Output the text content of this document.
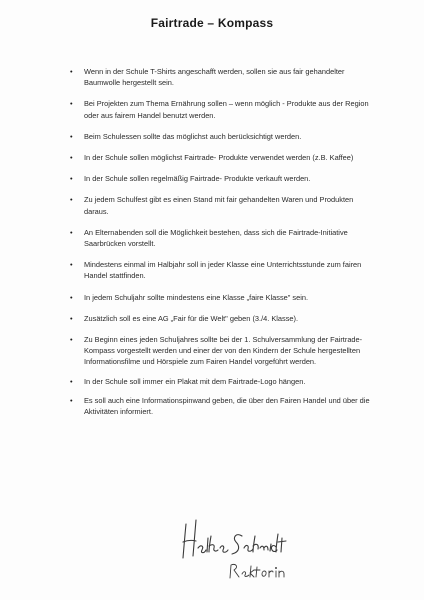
Fairtrade – Kompass
• Wenn in der Schule T-Shirts angeschafft werden, sollen sie aus fair gehandelter Baumwolle hergestellt sein.
• Bei Projekten zum Thema Ernährung sollen – wenn möglich - Produkte aus der Region oder aus fairem Handel benutzt werden.
• Beim Schulessen sollte das möglichst auch berücksichtigt werden.
• In der Schule sollen möglichst Fairtrade- Produkte verwendet werden (z.B. Kaffee)
• In der Schule sollen regelmäßig Fairtrade- Produkte verkauft werden.
• Zu jedem Schulfest gibt es einen Stand mit fair gehandelten Waren und Produkten daraus.
• An Elternabenden soll die Möglichkeit bestehen, dass sich die Fairtrade-Initiative Saarbrücken vorstellt.
• Mindestens einmal im Halbjahr soll in jeder Klasse eine Unterrichtsstunde zum fairen Handel stattfinden.
• In jedem Schuljahr sollte mindestens eine Klasse „faire Klasse" sein.
• Zusätzlich soll es eine AG „Fair für die Welt" geben (3./4. Klasse).
• Zu Beginn eines jeden Schuljahres sollte bei der 1. Schulversammlung der Fairtrade-Kompass vorgestellt werden und einer der von den Kindern der Schule hergestellten Informationsfilme und Hörspiele zum Fairen Handel vorgeführt werden.
• In der Schule soll immer ein Plakat mit dem Fairtrade-Logo hängen.
• Es soll auch eine Informationspinwand geben, die über den Fairen Handel und über die Aktivitäten informiert.
